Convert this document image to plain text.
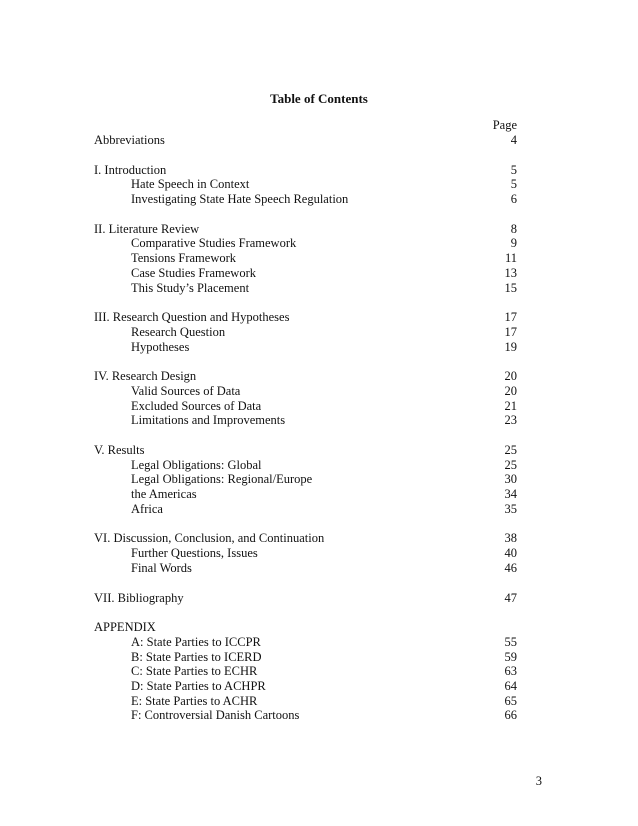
Table of Contents
Page
Abbreviations	4
I. Introduction	5
Hate Speech in Context	5
Investigating State Hate Speech Regulation	6
II. Literature Review	8
Comparative Studies Framework	9
Tensions Framework	11
Case Studies Framework	13
This Study’s Placement	15
III. Research Question and Hypotheses	17
Research Question	17
Hypotheses	19
IV. Research Design	20
Valid Sources of Data	20
Excluded Sources of Data	21
Limitations and Improvements	23
V. Results	25
Legal Obligations: Global	25
Legal Obligations: Regional/Europe	30
the Americas	34
Africa	35
VI. Discussion, Conclusion, and Continuation	38
Further Questions, Issues	40
Final Words	46
VII. Bibliography	47
APPENDIX
A: State Parties to ICCPR	55
B: State Parties to ICERD	59
C: State Parties to ECHR	63
D: State Parties to ACHPR	64
E: State Parties to ACHR	65
F: Controversial Danish Cartoons	66
3
